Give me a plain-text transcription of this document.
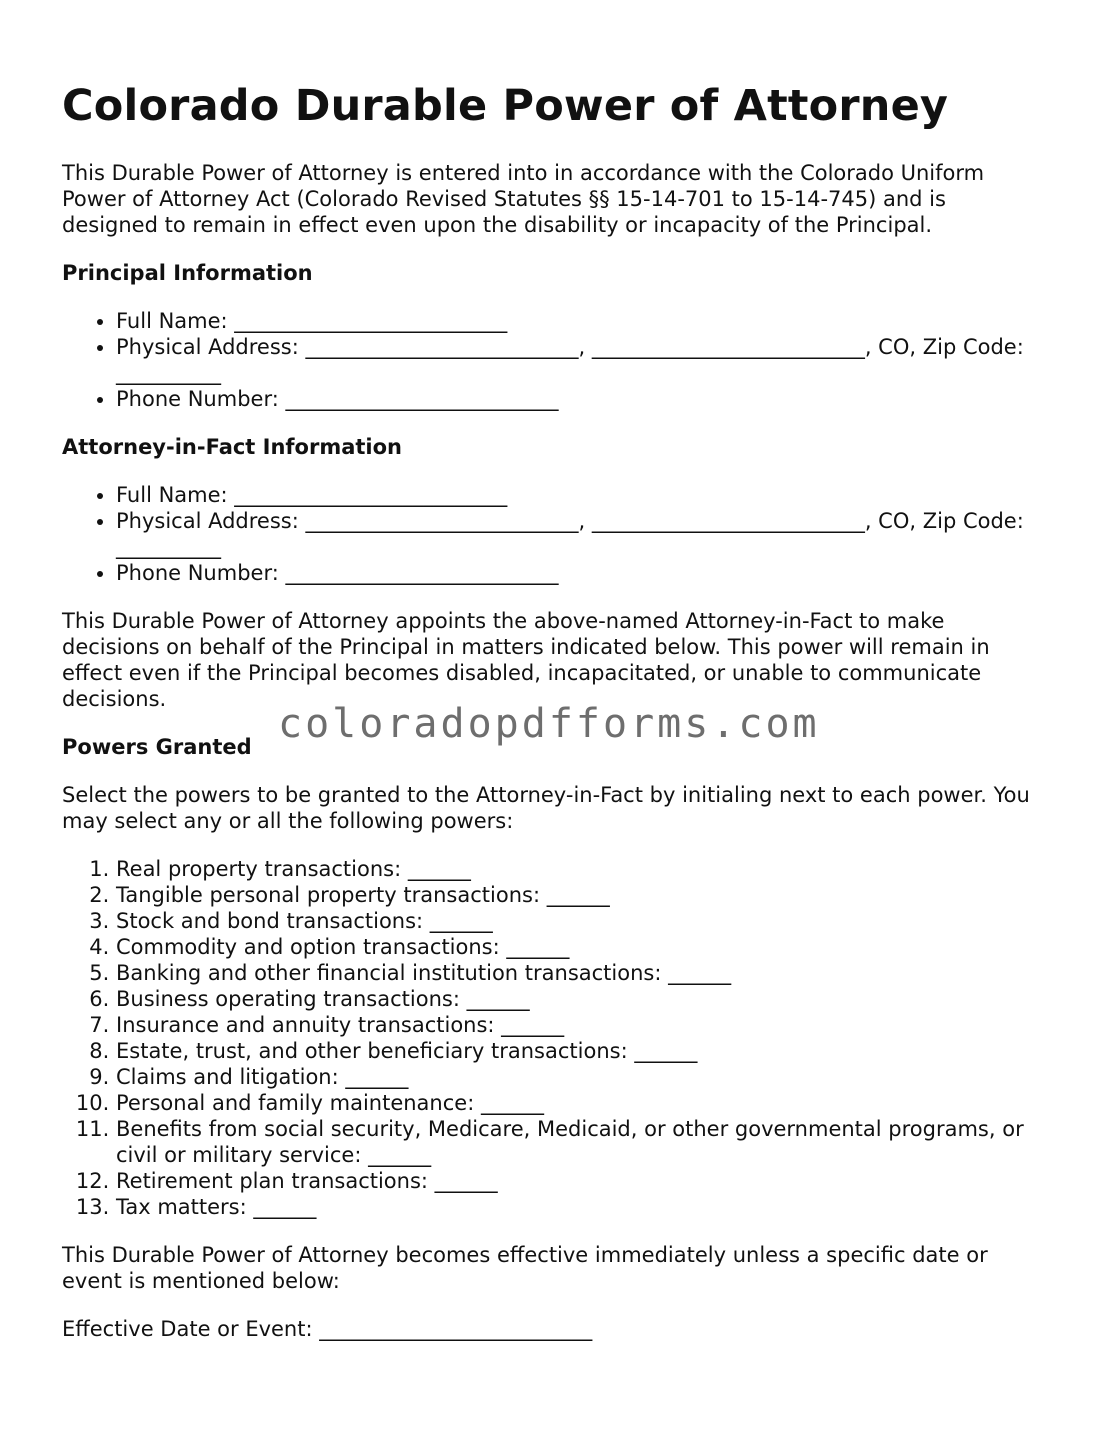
Colorado Durable Power of Attorney

This Durable Power of Attorney is entered into in accordance with the Colorado Uniform Power of Attorney Act (Colorado Revised Statutes §§ 15-14-701 to 15-14-745) and is designed to remain in effect even upon the disability or incapacity of the Principal.

Principal Information
• Full Name: __________________________
• Physical Address: __________________________, __________________________, CO, Zip Code: __________
• Phone Number: __________________________
Attorney-in-Fact Information
• Full Name: __________________________
• Physical Address: __________________________, __________________________, CO, Zip Code: __________
• Phone Number: __________________________

This Durable Power of Attorney appoints the above-named Attorney-in-Fact to make decisions on behalf of the Principal in matters indicated below. This power will remain in effect even if the Principal becomes disabled, incapacitated, or unable to communicate decisions.

Powers Granted

Select the powers to be granted to the Attorney-in-Fact by initialing next to each power. You may select any or all the following powers:

1. Real property transactions: ______
2. Tangible personal property transactions: ______
3. Stock and bond transactions: ______
4. Commodity and option transactions: ______
5. Banking and other financial institution transactions: ______
6. Business operating transactions: ______
7. Insurance and annuity transactions: ______
8. Estate, trust, and other beneficiary transactions: ______
9. Claims and litigation: ______
10. Personal and family maintenance: ______
11. Benefits from social security, Medicare, Medicaid, or other governmental programs, or civil or military service: ______
12. Retirement plan transactions: ______
13. Tax matters: ______

This Durable Power of Attorney becomes effective immediately unless a specific date or event is mentioned below:

Effective Date or Event: __________________________

coloradopdfforms.com
